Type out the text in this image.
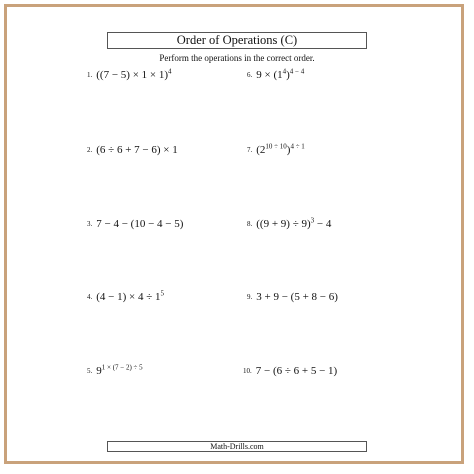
Order of Operations (C)
Perform the operations in the correct order.
1. $((7 - 5) \times 1 \times 1)^4$
2. (6 ÷ 6 + 7 − 6) × 1
3. 7 − 4 − (10 − 4 − 5)
4. $(4 - 1) \times 4 \div 1^5$
5. $9^{1 \times (7 - 2) \div 5}$
6. $9 \times (1^4)^{4 - 4}$
7. $(2^{10 \div 10})^{4 \div 1}$
8. $((9 + 9) \div 9)^3 - 4$
9. 3 + 9 − (5 + 8 − 6)
10. 7 − (6 ÷ 6 + 5 − 1)
Math-Drills.com
